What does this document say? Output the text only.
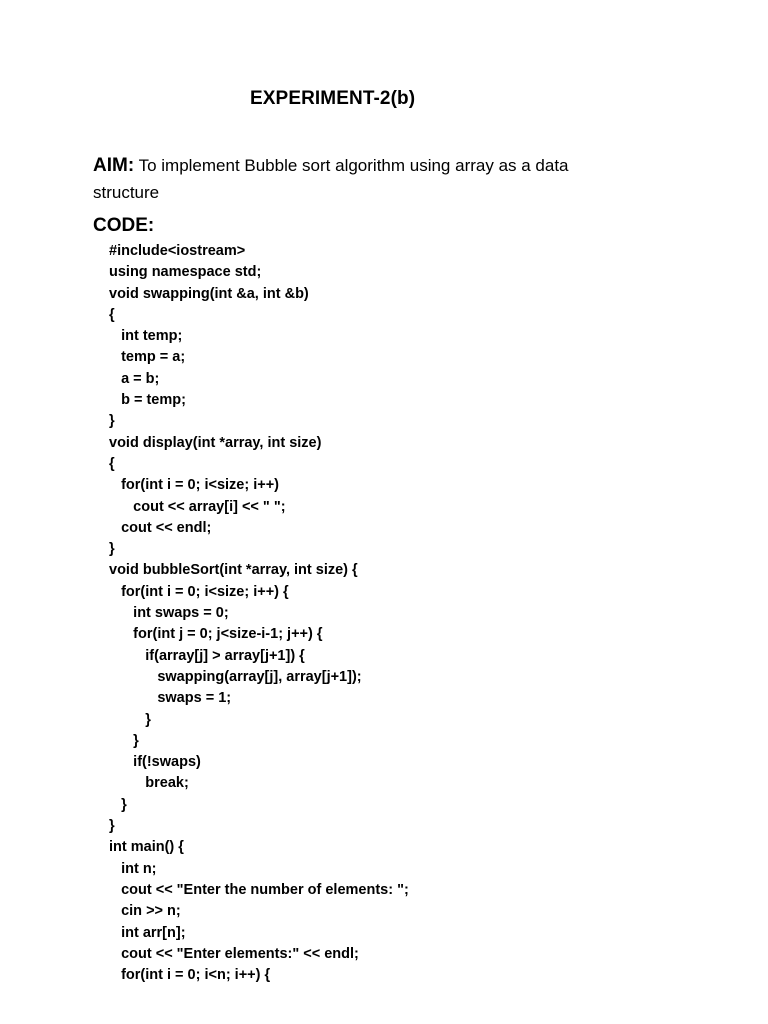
EXPERIMENT-2(b)
AIM: To implement Bubble sort algorithm using array as a data structure
CODE:
#include<iostream>
using namespace std;
void swapping(int &a, int &b)
{
int temp;
temp = a;
a = b;
b = temp;
}
void display(int *array, int size)
{
for(int i = 0; i<size; i++)
cout << array[i] << " ";
cout << endl;
}
void bubbleSort(int *array, int size) {
for(int i = 0; i<size; i++) {
int swaps = 0;
for(int j = 0; j<size-i-1; j++) {
if(array[j] > array[j+1]) {
swapping(array[j], array[j+1]);
swaps = 1;
}
}
if(!swaps)
break;
}
}
int main() {
int n;
cout << "Enter the number of elements: ";
cin >> n;
int arr[n];
cout << "Enter elements:" << endl;
for(int i = 0; i<n; i++) {
